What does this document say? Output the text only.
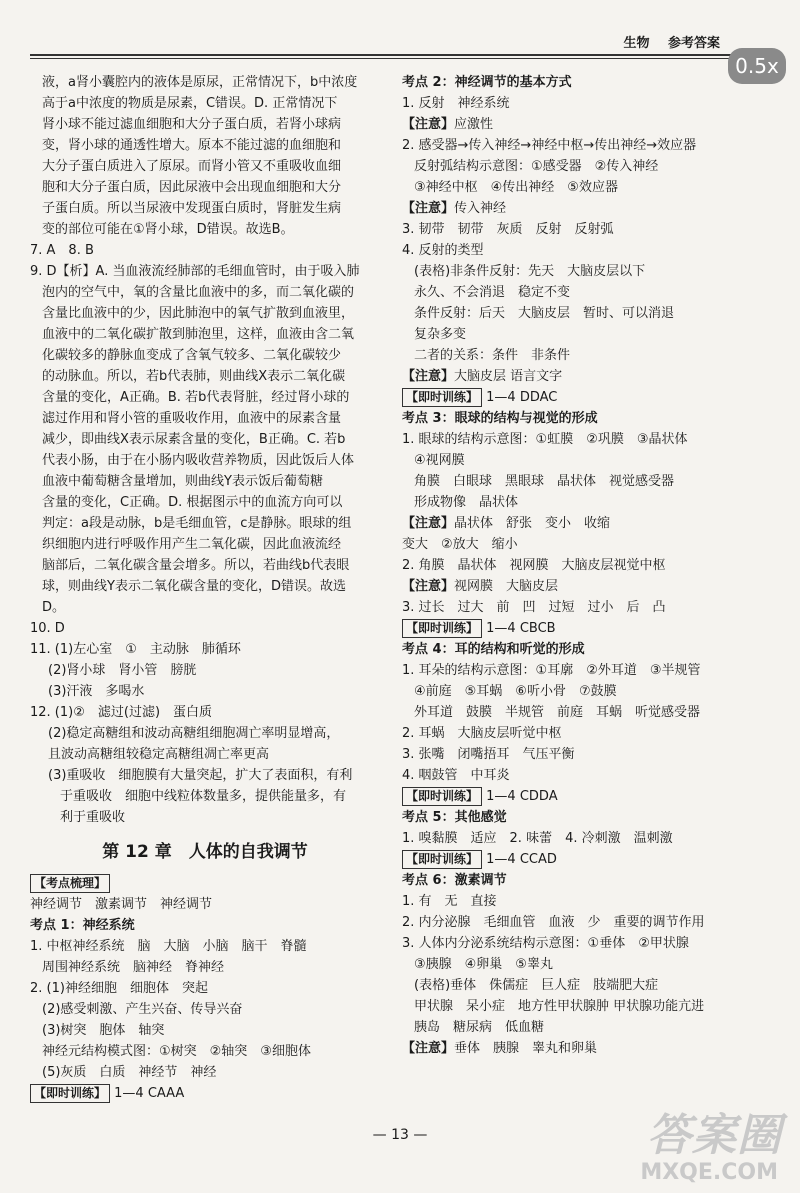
生物 参考答案
0.5x

液，a肾小囊腔内的液体是原尿，正常情况下，b中浓度

高于a中浓度的物质是尿素，C错误。D. 正常情况下

肾小球不能过滤血细胞和大分子蛋白质，若肾小球病

变，肾小球的通透性增大。原本不能过滤的血细胞和

大分子蛋白质进入了原尿。而肾小管又不重吸收血细

胞和大分子蛋白质，因此尿液中会出现血细胞和大分

子蛋白质。所以当尿液中发现蛋白质时，肾脏发生病

变的部位可能在①肾小球，D错误。故选B。

7. A　8. B

9. D【析】A. 当血液流经肺部的毛细血管时，由于吸入肺

泡内的空气中，氧的含量比血液中的多，而二氧化碳的

含量比血液中的少，因此肺泡中的氧气扩散到血液里，

血液中的二氧化碳扩散到肺泡里，这样，血液由含二氧

化碳较多的静脉血变成了含氧气较多、二氧化碳较少

的动脉血。所以，若b代表肺，则曲线X表示二氧化碳

含量的变化，A正确。B. 若b代表肾脏，经过肾小球的

滤过作用和肾小管的重吸收作用，血液中的尿素含量

减少，即曲线X表示尿素含量的变化，B正确。C. 若b

代表小肠，由于在小肠内吸收营养物质，因此饭后人体

血液中葡萄糖含量增加，则曲线Y表示饭后葡萄糖

含量的变化，C正确。D. 根据图示中的血流方向可以

判定：a段是动脉，b是毛细血管，c是静脉。眼球的组

织细胞内进行呼吸作用产生二氧化碳，因此血液流经

脑部后，二氧化碳含量会增多。所以，若曲线b代表眼

球，则曲线Y表示二氧化碳含量的变化，D错误。故选

D。

10. D

11. (1)左心室　①　主动脉　肺循环

(2)肾小球　肾小管　膀胱

(3)汗液　多喝水

12. (1)②　滤过(过滤)　蛋白质

(2)稳定高糖组和波动高糖组细胞凋亡率明显增高，

且波动高糖组较稳定高糖组凋亡率更高

(3)重吸收　细胞膜有大量突起，扩大了表面积，有利

于重吸收　细胞中线粒体数量多，提供能量多，有

利于重吸收

第 12 章　人体的自我调节

【考点梳理】

神经调节　激素调节　神经调节

考点 1：神经系统

1. 中枢神经系统　脑　大脑　小脑　脑干　脊髓

周围神经系统　脑神经　脊神经

2. (1)神经细胞　细胞体　突起

(2)感受刺激、产生兴奋、传导兴奋

(3)树突　胞体　轴突

神经元结构模式图：①树突　②轴突　③细胞体

(5)灰质　白质　神经节　神经

【即时训练】 1—4 CAAA

考点 2：神经调节的基本方式

1. 反射　神经系统

【注意】应激性

2. 感受器→传入神经→神经中枢→传出神经→效应器

反射弧结构示意图：①感受器　②传入神经

③神经中枢　④传出神经　⑤效应器

【注意】传入神经

3. 韧带　韧带　灰质　反射　反射弧

4. 反射的类型

(表格)非条件反射：先天　大脑皮层以下

永久、不会消退　稳定不变

条件反射：后天　大脑皮层　暂时、可以消退

复杂多变

二者的关系：条件　非条件

【注意】大脑皮层 语言文字

【即时训练】 1—4 DDAC

考点 3：眼球的结构与视觉的形成

1. 眼球的结构示意图：①虹膜　②巩膜　③晶状体

④视网膜

角膜　白眼球　黑眼球　晶状体　视觉感受器

形成物像　晶状体

【注意】晶状体　舒张　变小　收缩

变大　②放大　缩小

2. 角膜　晶状体　视网膜　大脑皮层视觉中枢

【注意】视网膜　大脑皮层

3. 过长　过大　前　凹　过短　过小　后　凸

【即时训练】 1—4 CBCB

考点 4：耳的结构和听觉的形成

1. 耳朵的结构示意图：①耳廓　②外耳道　③半规管

④前庭　⑤耳蜗　⑥听小骨　⑦鼓膜

外耳道　鼓膜　半规管　前庭　耳蜗　听觉感受器

2. 耳蜗　大脑皮层听觉中枢

3. 张嘴　闭嘴捂耳　气压平衡

4. 咽鼓管　中耳炎

【即时训练】 1—4 CDDA

考点 5：其他感觉

1. 嗅黏膜　适应　2. 味蕾　4. 冷刺激　温刺激

【即时训练】 1—4 CCAD

考点 6：激素调节

1. 有　无　直接

2. 内分泌腺　毛细血管　血液　少　重要的调节作用

3. 人体内分泌系统结构示意图：①垂体　②甲状腺

③胰腺　④卵巢　⑤睾丸

(表格)垂体　侏儒症　巨人症　肢端肥大症

甲状腺　呆小症　地方性甲状腺肿 甲状腺功能亢进

胰岛　糖尿病　低血糖

【注意】垂体　胰腺　睾丸和卵巢

— 13 —	答案圈
MXQE.COM
